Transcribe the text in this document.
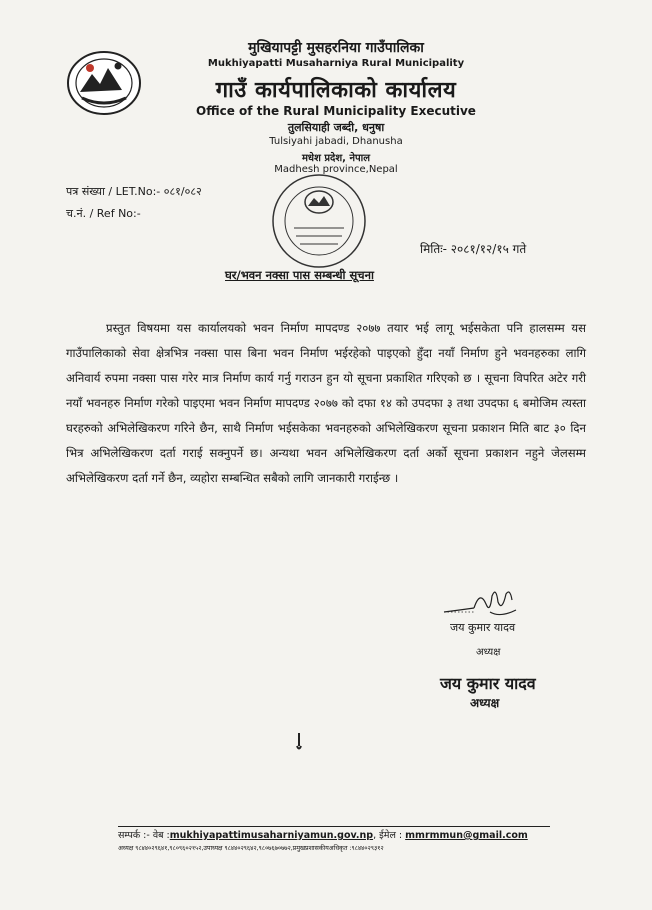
मुखियापट्टी मुसहरनिया गाउँपालिका
Mukhiyapatti Musaharniya Rural Municipality
गाउँ कार्यपालिकाको कार्यालय
Office of the Rural Municipality Executive
तुलसियाही जब्दी, धनुषा
Tulsiyahi jabadi, Dhanusha
मधेश प्रदेश, नेपाल
Madhesh province,Nepal
पत्र संख्या / LET.No:- ०८१/०८२
च.नं. / Ref No:-
मितिः- २०८१/१२/१५ गते
घर/भवन नक्सा पास सम्बन्धी सूचना

प्रस्तुत विषयमा यस कार्यालयको भवन निर्माण मापदण्ड २०७७ तयार भई लागू भईसकेता पनि हालसम्म यस गाउँपालिकाको सेवा क्षेत्रभित्र नक्सा पास बिना भवन निर्माण भईरहेको पाइएको हुँदा नयाँ निर्माण हुने भवनहरुका लागि अनिवार्य रुपमा नक्सा पास गरेर मात्र निर्माण कार्य गर्नु गराउन हुन यो सूचना प्रकाशित गरिएको छ । सूचना विपरित अटेर गरी नयाँ भवनहरु निर्माण गरेको पाइएमा भवन निर्माण मापदण्ड २०७७ को दफा १४ को उपदफा ३ तथा उपदफा ६ बमोजिम त्यस्ता घरहरुको अभिलेखिकरण गरिने छैन, साथै निर्माण भईसकेका भवनहरुको अभिलेखिकरण सूचना प्रकाशन मिति बाट ३० दिन भित्र अभिलेखिकरण दर्ता गराई सक्नुपर्ने छ। अन्यथा भवन अभिलेखिकरण दर्ता अर्को सूचना प्रकाशन नहुने जेलसम्म अभिलेखिकरण दर्ता गर्ने छैन, व्यहोरा सम्बन्धित सबैको लागि जानकारी गराईन्छ ।

जय कुमार यादव
अध्यक्ष
जय कुमार यादव
अध्यक्ष
सम्पर्क :- वेब :mukhiyapattimusaharniyamun.gov.np, ईमेल : mmrmmun@gmail.com
अध्यक्ष ९८४४०२९६४१,९८०९६०२१५२,उपाध्यक्ष ९८४४०२९६४२,९८०७६७०७७२,प्रमुखप्रशासकीयअधिकृत :९८४४०२९३१२
